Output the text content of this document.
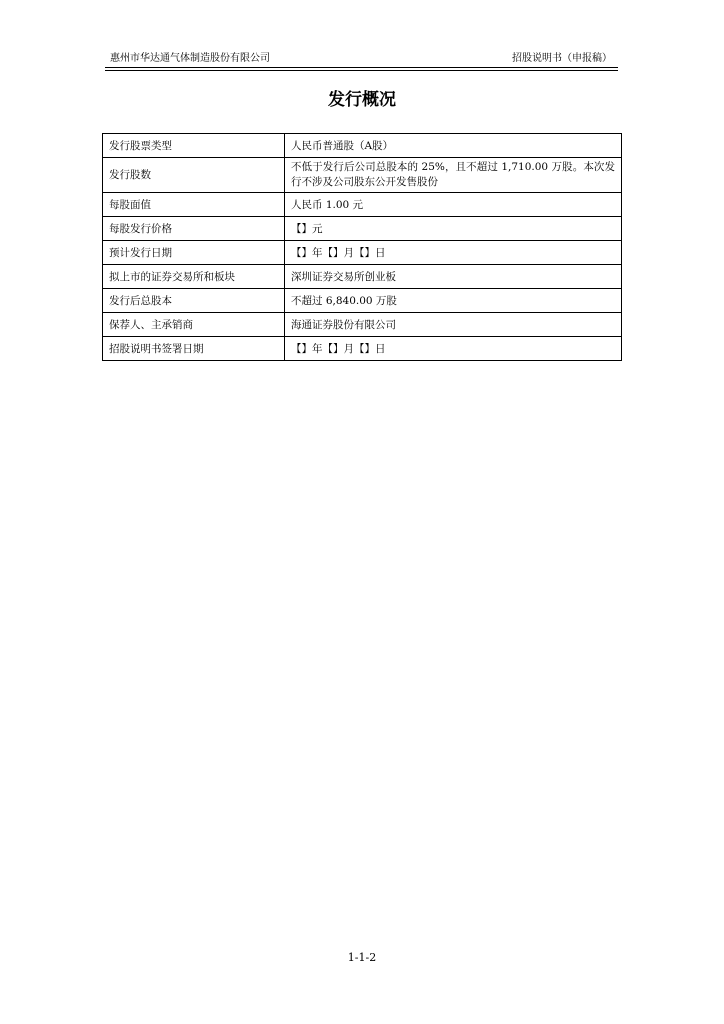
惠州市华达通气体制造股份有限公司	招股说明书（申报稿）
发行概况
发行股票类型	人民币普通股（A股）
发行股数	不低于发行后公司总股本的 25%，且不超过 1,710.00 万股。本次发行不涉及公司股东公开发售股份
每股面值	人民币 1.00 元
每股发行价格	【】元
预计发行日期	【】年【】月【】日
拟上市的证券交易所和板块	深圳证券交易所创业板
发行后总股本	不超过 6,840.00 万股
保荐人、主承销商	海通证券股份有限公司
招股说明书签署日期	【】年【】月【】日
1-1-2
